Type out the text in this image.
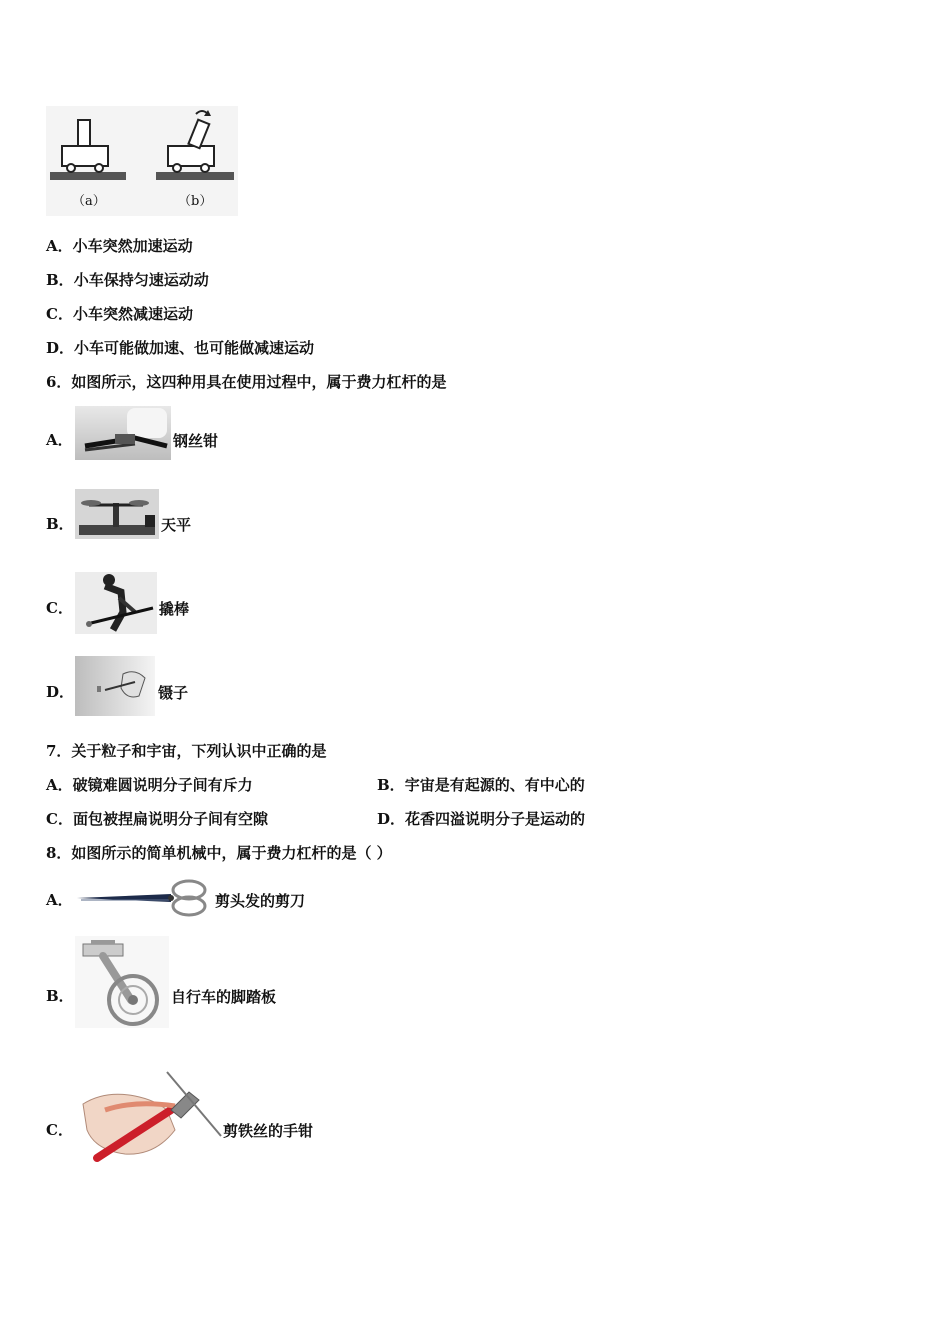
（a）	（b）
A．小车突然加速运动
B．小车保持匀速运动动
C．小车突然减速运动
D．小车可能做加速、也可能做减速运动
6．如图所示，这四种用具在使用过程中，属于费力杠杆的是
A．	钢丝钳
B．	天平
C．	撬棒
D．	镊子
7．关于粒子和宇宙，下列认识中正确的是
A．破镜难圆说明分子间有斥力	B．宇宙是有起源的、有中心的
C．面包被捏扁说明分子间有空隙	D．花香四溢说明分子是运动的
8．如图所示的简单机械中，属于费力杠杆的是（ ）
A．	剪头发的剪刀
B．	自行车的脚踏板
C．	剪铁丝的手钳
